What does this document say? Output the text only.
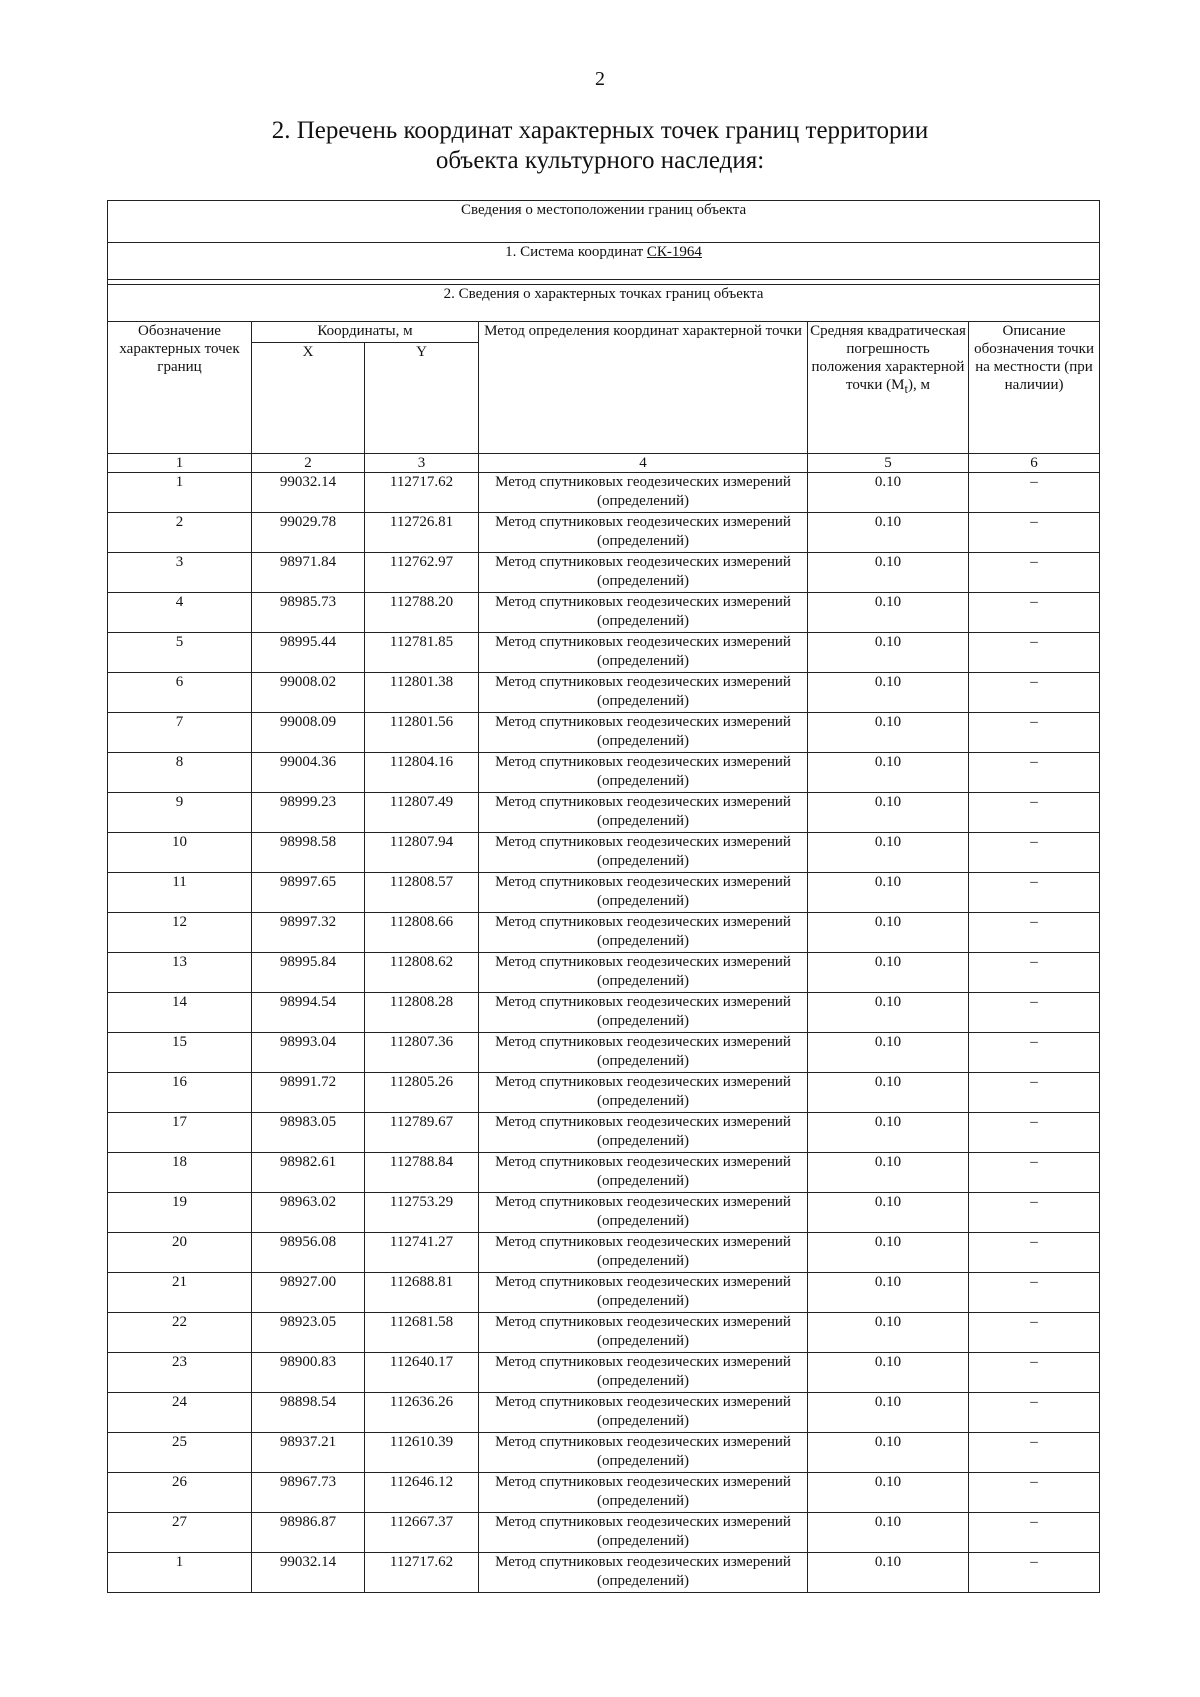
2
2. Перечень координат характерных точек границ территории
объекта культурного наследия:
Сведения о местоположении границ объекта					
1. Система координат СК-1964					

2. Сведения о характерных точках границ объекта					
Обозначение характерных точек границ	Координаты, м		Метод определения координат характерной точки	Средняя квадратическая погрешность положения характерной точки $(M_t)$, м	Описание обозначения точки на местности (при наличии)
	X	Y			
1	2	3	4	5	6
1	99032.14	112717.62	Метод спутниковых геодезических измерений (определений)	0.10	–
2	99029.78	112726.81	Метод спутниковых геодезических измерений (определений)	0.10	–
3	98971.84	112762.97	Метод спутниковых геодезических измерений (определений)	0.10	–
4	98985.73	112788.20	Метод спутниковых геодезических измерений (определений)	0.10	–
5	98995.44	112781.85	Метод спутниковых геодезических измерений (определений)	0.10	–
6	99008.02	112801.38	Метод спутниковых геодезических измерений (определений)	0.10	–
7	99008.09	112801.56	Метод спутниковых геодезических измерений (определений)	0.10	–
8	99004.36	112804.16	Метод спутниковых геодезических измерений (определений)	0.10	–
9	98999.23	112807.49	Метод спутниковых геодезических измерений (определений)	0.10	–
10	98998.58	112807.94	Метод спутниковых геодезических измерений (определений)	0.10	–
11	98997.65	112808.57	Метод спутниковых геодезических измерений (определений)	0.10	–
12	98997.32	112808.66	Метод спутниковых геодезических измерений (определений)	0.10	–
13	98995.84	112808.62	Метод спутниковых геодезических измерений (определений)	0.10	–
14	98994.54	112808.28	Метод спутниковых геодезических измерений (определений)	0.10	–
15	98993.04	112807.36	Метод спутниковых геодезических измерений (определений)	0.10	–
16	98991.72	112805.26	Метод спутниковых геодезических измерений (определений)	0.10	–
17	98983.05	112789.67	Метод спутниковых геодезических измерений (определений)	0.10	–
18	98982.61	112788.84	Метод спутниковых геодезических измерений (определений)	0.10	–
19	98963.02	112753.29	Метод спутниковых геодезических измерений (определений)	0.10	–
20	98956.08	112741.27	Метод спутниковых геодезических измерений (определений)	0.10	–
21	98927.00	112688.81	Метод спутниковых геодезических измерений (определений)	0.10	–
22	98923.05	112681.58	Метод спутниковых геодезических измерений (определений)	0.10	–
23	98900.83	112640.17	Метод спутниковых геодезических измерений (определений)	0.10	–
24	98898.54	112636.26	Метод спутниковых геодезических измерений (определений)	0.10	–
25	98937.21	112610.39	Метод спутниковых геодезических измерений (определений)	0.10	–
26	98967.73	112646.12	Метод спутниковых геодезических измерений (определений)	0.10	–
27	98986.87	112667.37	Метод спутниковых геодезических измерений (определений)	0.10	–
1	99032.14	112717.62	Метод спутниковых геодезических измерений (определений)	0.10	–
